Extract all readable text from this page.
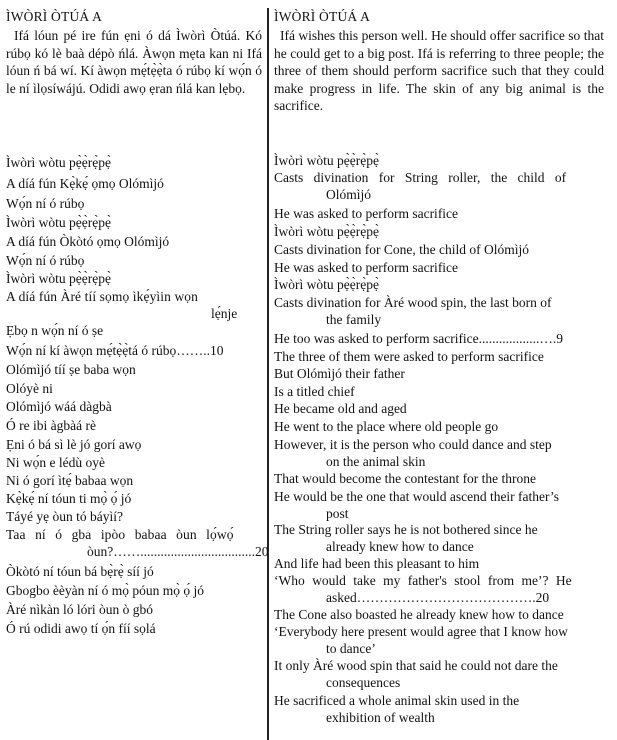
ÌWÒRÌ ÒTÚÁ A
Ifá lóun pé ire fún ẹni ó dá Ìwòrì Òtúá. Kó rúbọ kó lè baà dépò ńlá. Àwọn mẹta kan ni Ifá lóun ń bá wí. Kí àwọn mẹ́tẹ̀ẹ̀ta ó rúbọ kí wọ́n ó le ní ìlọsíwájú. Odidi awọ ẹran ńlá kan lẹbọ.
Ìwòrì wòtu pẹ̀ẹ̀rẹ̀pẹ̀
A díá fún Kẹ̀kẹ́ ọmọ Olómìjó
Wọ́n ní ó rúbọ
Ìwòrì wòtu pẹ̀ẹ̀rẹ̀pẹ̀
A díá fún Òkòtó ọmọ Olómìjó
Wọ́n ní ó rúbọ
Ìwòrì wòtu pẹ̀ẹ̀rẹ̀pẹ̀
A díá fún Àré tíí sọmọ ìkẹ́yìin wọn
lẹ́nje
Ẹbọ n wọ́n ní ó ṣe
Wọ́n ní kí àwọn mẹ́tẹ̀ẹ̀tá ó rúbọ……..10
Olómìjó tíí ṣe baba wọn
Olóyè ni
Olómìjó wáá dàgbà
Ó re ibi àgbàá rè
Ẹni ó bá sì lè jó gorí awọ
Ni wọ́n e lédù oyè
Ni ó gorí ìtẹ́ babaa wọn
Kẹ̀kẹ́ ní tóun ti mọ̀ ọ́ jó
Táyé yẹ òun tó báyìí?
Taa ní ó gba ipòo babaa òun lọ́wọ́
òun?……..................................20
Òkòtó ní tóun bá bẹ̀rẹ̀ síí jó
Gbogbo èèyàn ní ó mọ̀ póun mọ̀ ọ́ jó
Àré nìkàn ló lóri òun ò gbó
Ó rú odidi awọ tí ọ́n fíí sọlá
ÌWÒRÌ ÒTÚÁ A
Ifá wishes this person well. He should offer sacrifice so that he could get to a big post. Ifá is referring to three people; the three of them should perform sacrifice such that they could make progress in life. The skin of any big animal is the sacrifice.
Ìwòrì wòtu pẹ̀ẹ̀rẹ̀pẹ̀
Casts divination for String roller, the child of
Olómìjó
He was asked to perform sacrifice
Ìwòrì wòtu pẹ̀ẹ̀rẹ̀pẹ̀
Casts divination for Cone, the child of Olómìjó
He was asked to perform sacrifice
Ìwòrì wòtu pẹ̀ẹ̀rẹ̀pẹ̀
Casts divination for Àré wood spin, the last born of
the family
He too was asked to perform sacrifice..................….9
The three of them were asked to perform sacrifice
But Olómìjó their father
Is a titled chief
He became old and aged
He went to the place where old people go
However, it is the person who could dance and step
on the animal skin
That would become the contestant for the throne
He would be the one that would ascend their father’s
post
The String roller says he is not bothered since he
already knew how to dance
And life had been this pleasant to him
‘Who would take my father's stool from me’? He
asked………………………………….20
The Cone also boasted he already knew how to dance
‘Everybody here present would agree that I know how
to dance’
It only Àré wood spin that said he could not dare the
consequences
He sacrificed a whole animal skin used in the
exhibition of wealth
